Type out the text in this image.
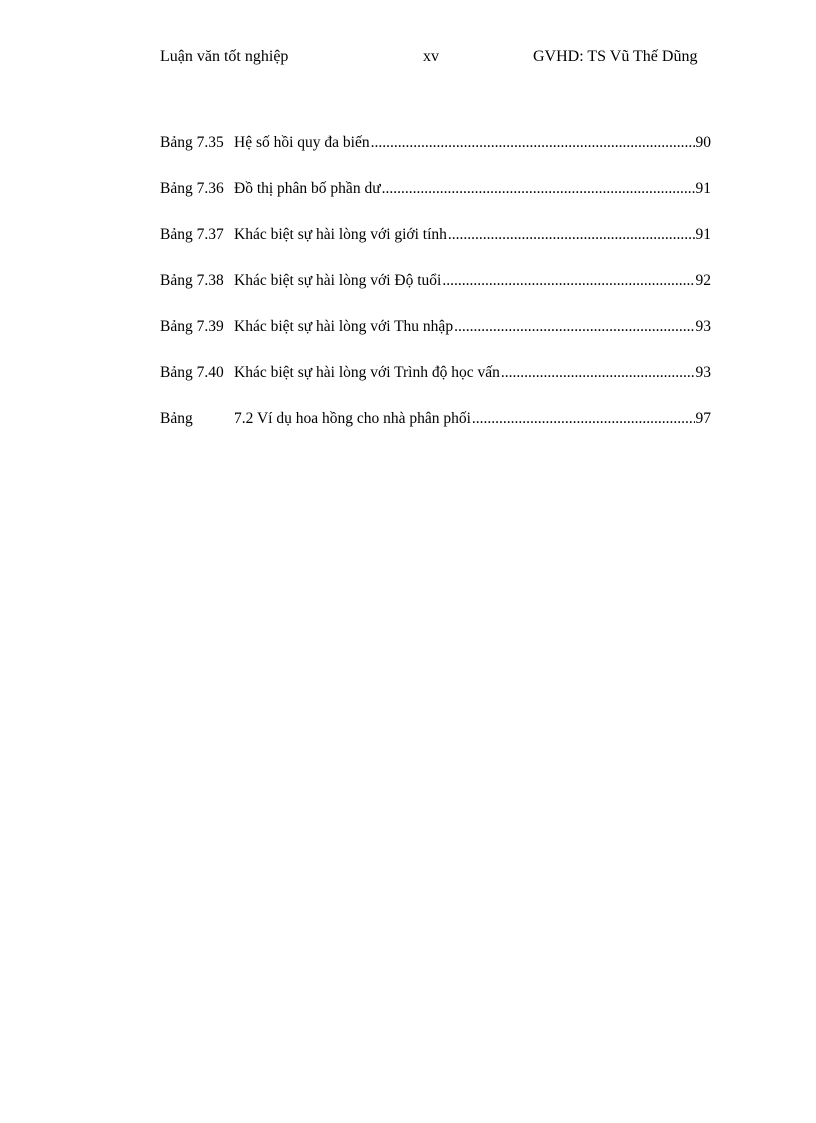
Luận văn tốt nghiệp	xv	GVHD: TS Vũ Thế Dũng
Bảng 7.35 Hệ số hồi quy đa biến .....	90
Bảng 7.36 Đồ thị phân bố phần dư .....	91
Bảng 7.37 Khác biệt sự hài lòng với giới tính .....	91
Bảng 7.38 Khác biệt sự hài lòng với Độ tuổi .....	92
Bảng 7.39 Khác biệt sự hài lòng với Thu nhập .....	93
Bảng 7.40 Khác biệt sự hài lòng với Trình độ học vấn .....	93
Bảng	7.2 Ví dụ hoa hồng cho nhà phân phối .....	97
